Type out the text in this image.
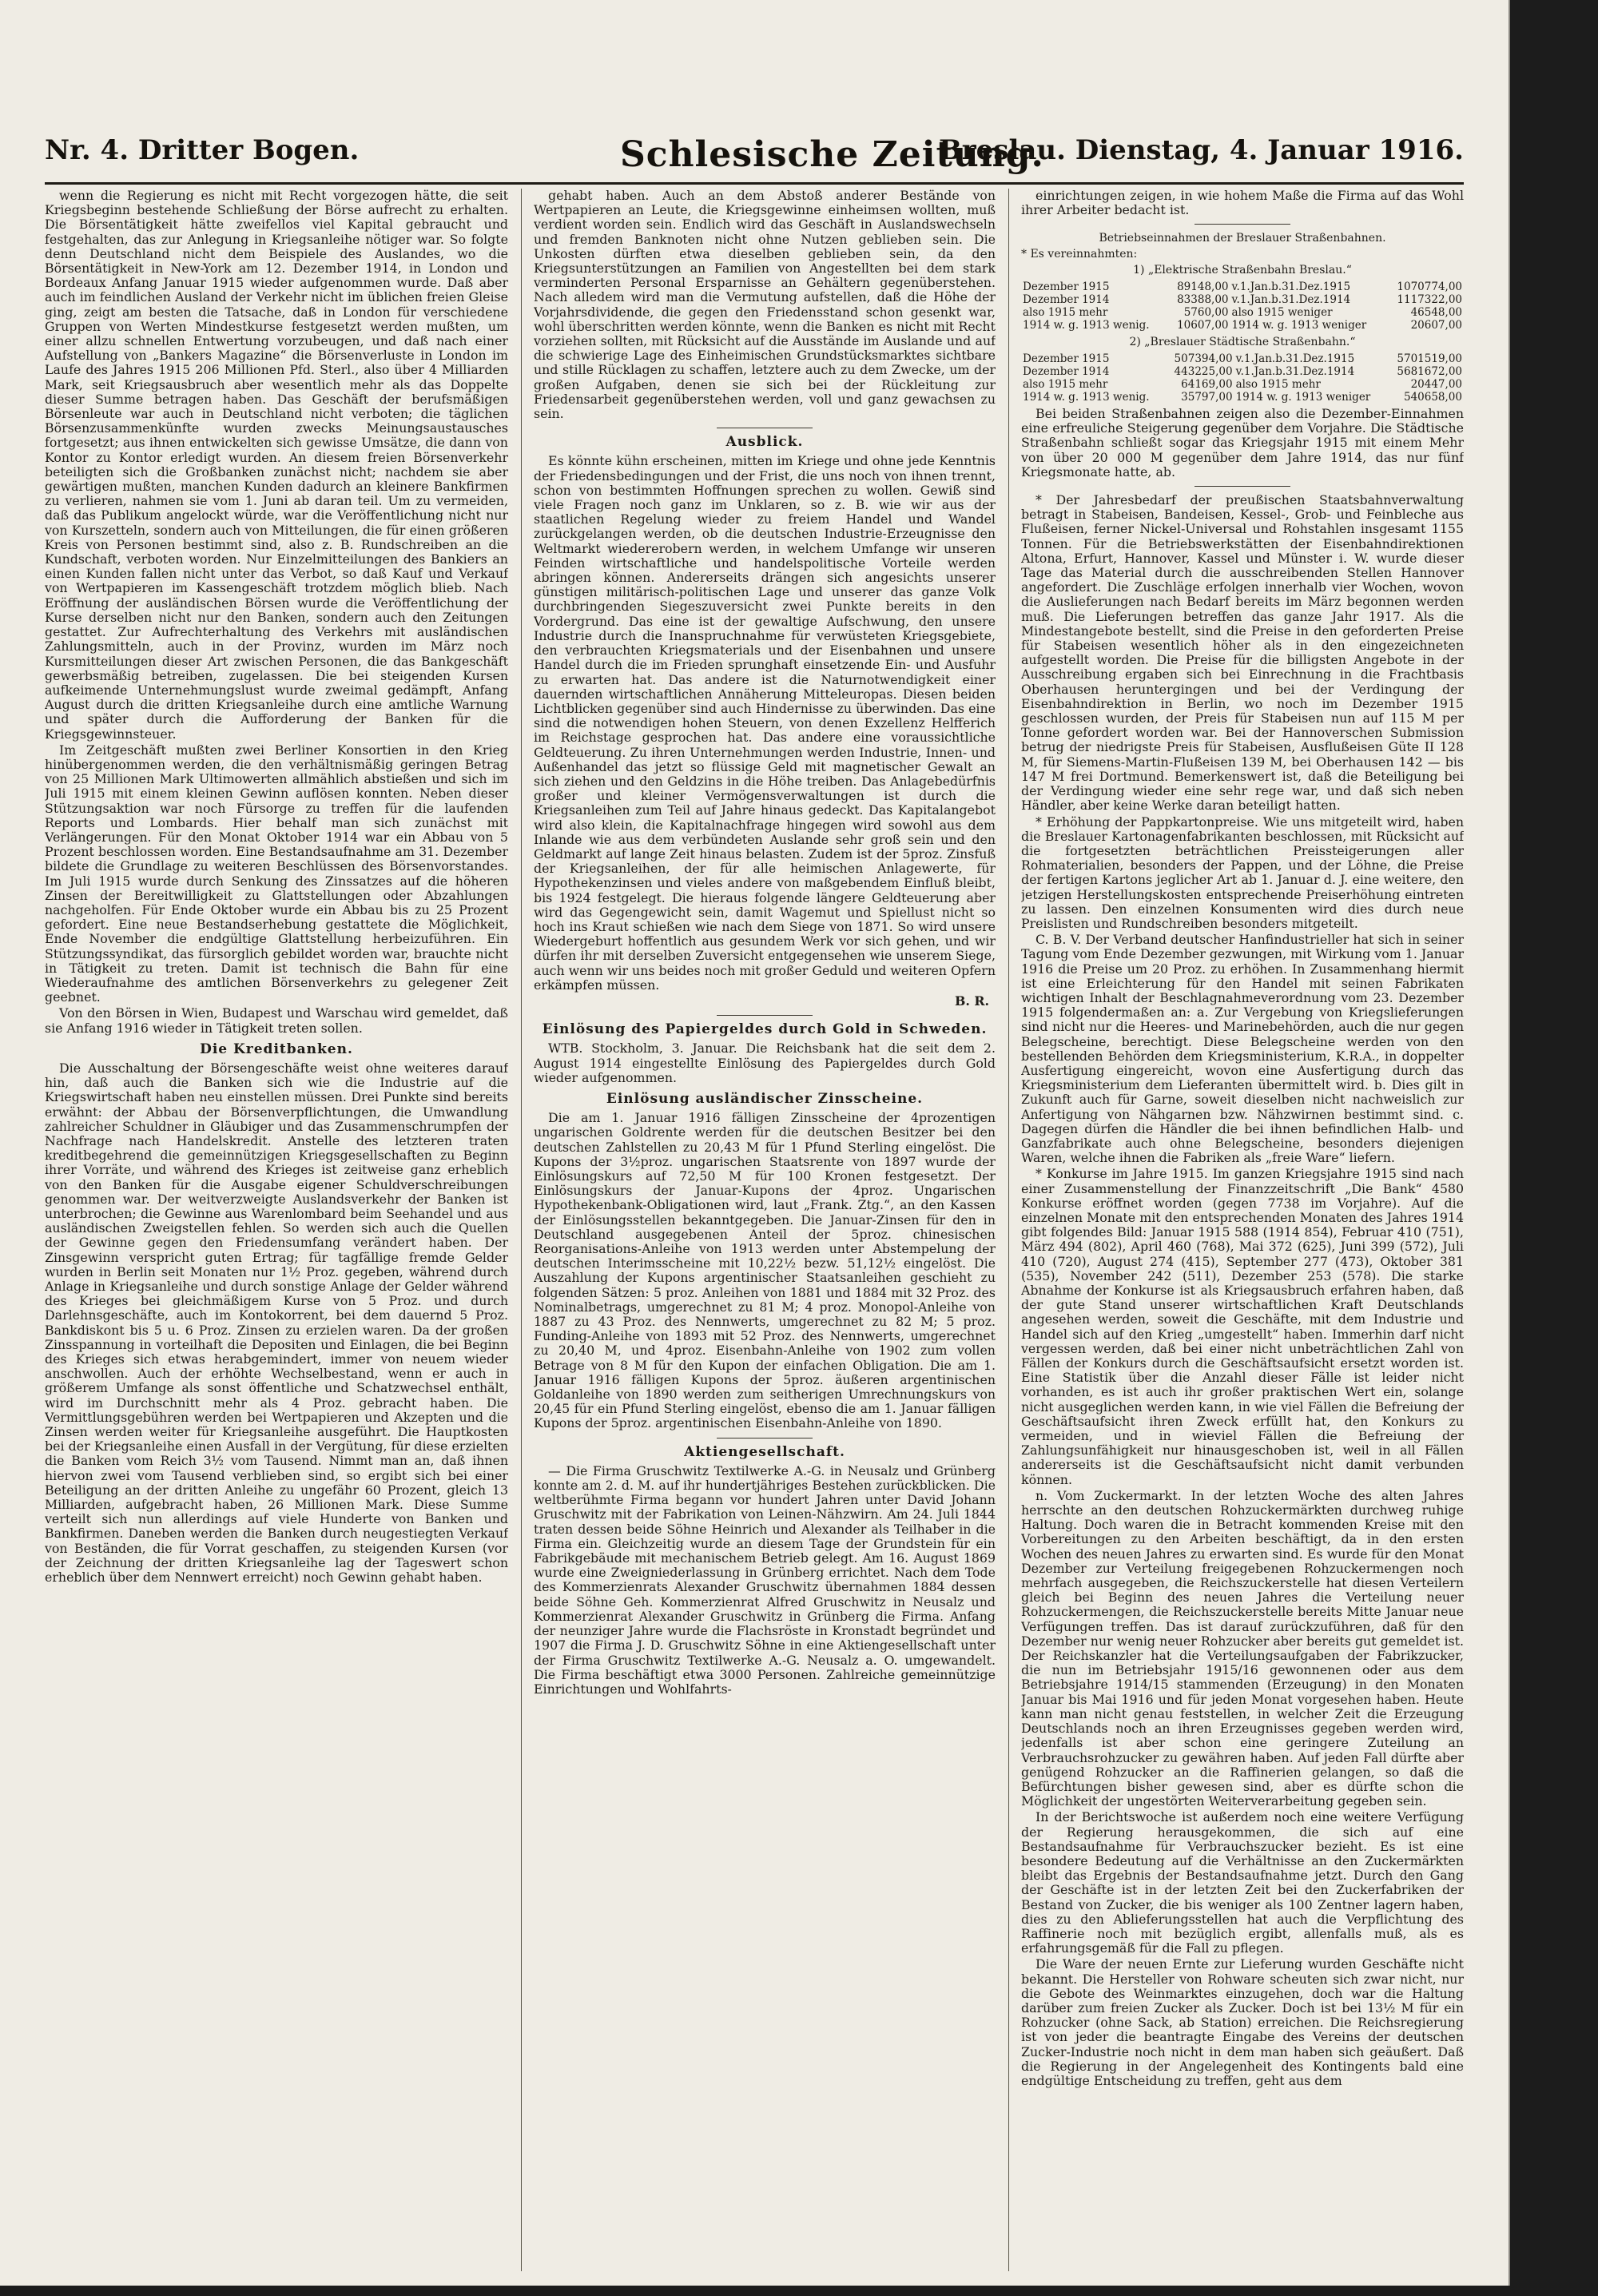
Nr. 4. Dritter Bogen.	Schlesische Zeitung.
Breslau. Dienstag, 4. Januar 1916.

wenn die Regierung es nicht mit Recht vorgezogen hätte, die seit Kriegsbeginn bestehende Schließung der Börse aufrecht zu erhalten. Die Börsentätigkeit hätte zweifellos viel Kapital gebraucht und festgehalten, das zur Anlegung in Kriegsanleihe nötiger war. So folgte denn Deutschland nicht dem Beispiele des Auslandes, wo die Börsentätigkeit in New-York am 12. Dezember 1914, in London und Bordeaux Anfang Januar 1915 wieder aufgenommen wurde. Daß aber auch im feindlichen Ausland der Verkehr nicht im üblichen freien Gleise ging, zeigt am besten die Tatsache, daß in London für verschiedene Gruppen von Werten Mindestkurse festgesetzt werden mußten, um einer allzu schnellen Entwertung vorzubeugen, und daß nach einer Aufstellung von „Bankers Magazine“ die Börsenverluste in London im Laufe des Jahres 1915 206 Millionen Pfd. Sterl., also über 4 Milliarden Mark, seit Kriegsausbruch aber wesentlich mehr als das Doppelte dieser Summe betragen haben. Das Geschäft der berufsmäßigen Börsenleute war auch in Deutschland nicht verboten; die täglichen Börsenzusammenkünfte wurden zwecks Meinungsaustausches fortgesetzt; aus ihnen entwickelten sich gewisse Umsätze, die dann von Kontor zu Kontor erledigt wurden. An diesem freien Börsenverkehr beteiligten sich die Großbanken zunächst nicht; nachdem sie aber gewärtigen mußten, manchen Kunden dadurch an kleinere Bankfirmen zu verlieren, nahmen sie vom 1. Juni ab daran teil. Um zu vermeiden, daß das Publikum angelockt würde, war die Veröffentlichung nicht nur von Kurszetteln, sondern auch von Mitteilungen, die für einen größeren Kreis von Personen bestimmt sind, also z. B. Rundschreiben an die Kundschaft, verboten worden. Nur Einzelmitteilungen des Bankiers an einen Kunden fallen nicht unter das Verbot, so daß Kauf und Verkauf von Wertpapieren im Kassengeschäft trotzdem möglich blieb. Nach Eröffnung der ausländischen Börsen wurde die Veröffentlichung der Kurse derselben nicht nur den Banken, sondern auch den Zeitungen gestattet. Zur Aufrechterhaltung des Verkehrs mit ausländischen Zahlungsmitteln, auch in der Provinz, wurden im März noch Kursmitteilungen dieser Art zwischen Personen, die das Bankgeschäft gewerbsmäßig betreiben, zugelassen. Die bei steigenden Kursen aufkeimende Unternehmungslust wurde zweimal gedämpft, Anfang August durch die dritten Kriegsanleihe durch eine amtliche Warnung und später durch die Aufforderung der Banken für die Kriegsgewinnsteuer.

Im Zeitgeschäft mußten zwei Berliner Konsortien in den Krieg hinübergenommen werden, die den verhältnismäßig geringen Betrag von 25 Millionen Mark Ultimowerten allmählich abstießen und sich im Juli 1915 mit einem kleinen Gewinn auflösen konnten. Neben dieser Stützungsaktion war noch Fürsorge zu treffen für die laufenden Reports und Lombards. Hier behalf man sich zunächst mit Verlängerungen. Für den Monat Oktober 1914 war ein Abbau von 5 Prozent beschlossen worden. Eine Bestandsaufnahme am 31. Dezember bildete die Grundlage zu weiteren Beschlüssen des Börsenvorstandes. Im Juli 1915 wurde durch Senkung des Zinssatzes auf die höheren Zinsen der Bereitwilligkeit zu Glattstellungen oder Abzahlungen nachgeholfen. Für Ende Oktober wurde ein Abbau bis zu 25 Prozent gefordert. Eine neue Bestandserhebung gestattete die Möglichkeit, Ende November die endgültige Glattstellung herbeizuführen. Ein Stützungssyndikat, das fürsorglich gebildet worden war, brauchte nicht in Tätigkeit zu treten. Damit ist technisch die Bahn für eine Wiederaufnahme des amtlichen Börsenverkehrs zu gelegener Zeit geebnet.

Von den Börsen in Wien, Budapest und Warschau wird gemeldet, daß sie Anfang 1916 wieder in Tätigkeit treten sollen.

Die Kreditbanken.

Die Ausschaltung der Börsengeschäfte weist ohne weiteres darauf hin, daß auch die Banken sich wie die Industrie auf die Kriegswirtschaft haben neu einstellen müssen. Drei Punkte sind bereits erwähnt: der Abbau der Börsenverpflichtungen, die Umwandlung zahlreicher Schuldner in Gläubiger und das Zusammenschrumpfen der Nachfrage nach Handelskredit. Anstelle des letzteren traten kreditbegehrend die gemeinnützigen Kriegsgesellschaften zu Beginn ihrer Vorräte, und während des Krieges ist zeitweise ganz erheblich von den Banken für die Ausgabe eigener Schuldverschreibungen genommen war. Der weitverzweigte Auslandsverkehr der Banken ist unterbrochen; die Gewinne aus Warenlombard beim Seehandel und aus ausländischen Zweigstellen fehlen. So werden sich auch die Quellen der Gewinne gegen den Friedensumfang verändert haben. Der Zinsgewinn verspricht guten Ertrag; für tagfällige fremde Gelder wurden in Berlin seit Monaten nur 1½ Proz. gegeben, während durch Anlage in Kriegsanleihe und durch sonstige Anlage der Gelder während des Krieges bei gleichmäßigem Kurse von 5 Proz. und durch Darlehnsgeschäfte, auch im Kontokorrent, bei dem dauernd 5 Proz. Bankdiskont bis 5 u. 6 Proz. Zinsen zu erzielen waren. Da der großen Zinsspannung in vorteilhaft die Depositen und Einlagen, die bei Beginn des Krieges sich etwas herabgemindert, immer von neuem wieder anschwollen. Auch der erhöhte Wechselbestand, wenn er auch in größerem Umfange als sonst öffentliche und Schatzwechsel enthält, wird im Durchschnitt mehr als 4 Proz. gebracht haben. Die Vermittlungsgebühren werden bei Wertpapieren und Akzepten und die Zinsen werden weiter für Kriegsanleihe ausgeführt. Die Hauptkosten bei der Kriegsanleihe einen Ausfall in der Vergütung, für diese erzielten die Banken vom Reich 3½ vom Tausend. Nimmt man an, daß ihnen hiervon zwei vom Tausend verblieben sind, so ergibt sich bei einer Beteiligung an der dritten Anleihe zu ungefähr 60 Prozent, gleich 13 Milliarden, aufgebracht haben, 26 Millionen Mark. Diese Summe verteilt sich nun allerdings auf viele Hunderte von Banken und Bankfirmen. Daneben werden die Banken durch neugestiegten Verkauf von Beständen, die für Vorrat geschaffen, zu steigenden Kursen (vor der Zeichnung der dritten Kriegsanleihe lag der Tageswert schon erheblich über dem Nennwert erreicht) noch Gewinn gehabt haben.

gehabt haben. Auch an dem Abstoß anderer Bestände von Wertpapieren an Leute, die Kriegsgewinne einheimsen wollten, muß verdient worden sein. Endlich wird das Geschäft in Auslandswechseln und fremden Banknoten nicht ohne Nutzen geblieben sein. Die Unkosten dürften etwa dieselben geblieben sein, da den Kriegsunterstützungen an Familien von Angestellten bei dem stark verminderten Personal Ersparnisse an Gehältern gegenüberstehen. Nach alledem wird man die Vermutung aufstellen, daß die Höhe der Vorjahrsdividende, die gegen den Friedensstand schon gesenkt war, wohl überschritten werden könnte, wenn die Banken es nicht mit Recht vorziehen sollten, mit Rücksicht auf die Ausstände im Auslande und auf die schwierige Lage des Einheimischen Grundstücksmarktes sichtbare und stille Rücklagen zu schaffen, letztere auch zu dem Zwecke, um der großen Aufgaben, denen sie sich bei der Rückleitung zur Friedensarbeit gegenüberstehen werden, voll und ganz gewachsen zu sein.

Ausblick.

Es könnte kühn erscheinen, mitten im Kriege und ohne jede Kenntnis der Friedensbedingungen und der Frist, die uns noch von ihnen trennt, schon von bestimmten Hoffnungen sprechen zu wollen. Gewiß sind viele Fragen noch ganz im Unklaren, so z. B. wie wir aus der staatlichen Regelung wieder zu freiem Handel und Wandel zurückgelangen werden, ob die deutschen Industrie-Erzeugnisse den Weltmarkt wiedererobern werden, in welchem Umfange wir unseren Feinden wirtschaftliche und handelspolitische Vorteile werden abringen können. Andererseits drängen sich angesichts unserer günstigen militärisch-politischen Lage und unserer das ganze Volk durchbringenden Siegeszuversicht zwei Punkte bereits in den Vordergrund. Das eine ist der gewaltige Aufschwung, den unsere Industrie durch die Inanspruchnahme für verwüsteten Kriegsgebiete, den verbrauchten Kriegsmaterials und der Eisenbahnen und unsere Handel durch die im Frieden sprunghaft einsetzende Ein- und Ausfuhr zu erwarten hat. Das andere ist die Naturnotwendigkeit einer dauernden wirtschaftlichen Annäherung Mitteleuropas. Diesen beiden Lichtblicken gegenüber sind auch Hindernisse zu überwinden. Das eine sind die notwendigen hohen Steuern, von denen Exzellenz Helfferich im Reichstage gesprochen hat. Das andere eine voraussichtliche Geldteuerung. Zu ihren Unternehmungen werden Industrie, Innen- und Außenhandel das jetzt so flüssige Geld mit magnetischer Gewalt an sich ziehen und den Geldzins in die Höhe treiben. Das Anlagebedürfnis großer und kleiner Vermögensverwaltungen ist durch die Kriegsanleihen zum Teil auf Jahre hinaus gedeckt. Das Kapitalangebot wird also klein, die Kapitalnachfrage hingegen wird sowohl aus dem Inlande wie aus dem verbündeten Auslande sehr groß sein und den Geldmarkt auf lange Zeit hinaus belasten. Zudem ist der 5proz. Zinsfuß der Kriegsanleihen, der für alle heimischen Anlagewerte, für Hypothekenzinsen und vieles andere von maßgebendem Einfluß bleibt, bis 1924 festgelegt. Die hieraus folgende längere Geldteuerung aber wird das Gegengewicht sein, damit Wagemut und Spiellust nicht so hoch ins Kraut schießen wie nach dem Siege von 1871. So wird unsere Wiedergeburt hoffentlich aus gesundem Werk vor sich gehen, und wir dürfen ihr mit derselben Zuversicht entgegensehen wie unserem Siege, auch wenn wir uns beides noch mit großer Geduld und weiteren Opfern erkämpfen müssen.

B. R.
Einlösung des Papiergeldes durch Gold in Schweden.

WTB. Stockholm, 3. Januar. Die Reichsbank hat die seit dem 2. August 1914 eingestellte Einlösung des Papiergeldes durch Gold wieder aufgenommen.

Einlösung ausländischer Zinsscheine.

Die am 1. Januar 1916 fälligen Zinsscheine der 4prozentigen ungarischen Goldrente werden für die deutschen Besitzer bei den deutschen Zahlstellen zu 20,43 M für 1 Pfund Sterling eingelöst. Die Kupons der 3½proz. ungarischen Staatsrente von 1897 wurde der Einlösungskurs auf 72,50 M für 100 Kronen festgesetzt. Der Einlösungskurs der Januar-Kupons der 4proz. Ungarischen Hypothekenbank-Obligationen wird, laut „Frank. Ztg.“, an den Kassen der Einlösungsstellen bekanntgegeben. Die Januar-Zinsen für den in Deutschland ausgegebenen Anteil der 5proz. chinesischen Reorganisations-Anleihe von 1913 werden unter Abstempelung der deutschen Interimsscheine mit 10,22½ bezw. 51,12½ eingelöst. Die Auszahlung der Kupons argentinischer Staatsanleihen geschieht zu folgenden Sätzen: 5 proz. Anleihen von 1881 und 1884 mit 32 Proz. des Nominalbetrags, umgerechnet zu 81 M; 4 proz. Monopol-Anleihe von 1887 zu 43 Proz. des Nennwerts, umgerechnet zu 82 M; 5 proz. Funding-Anleihe von 1893 mit 52 Proz. des Nennwerts, umgerechnet zu 20,40 M, und 4proz. Eisenbahn-Anleihe von 1902 zum vollen Betrage von 8 M für den Kupon der einfachen Obligation. Die am 1. Januar 1916 fälligen Kupons der 5proz. äußeren argentinischen Goldanleihe von 1890 werden zum seitherigen Umrechnungskurs von 20,45 für ein Pfund Sterling eingelöst, ebenso die am 1. Januar fälligen Kupons der 5proz. argentinischen Eisenbahn-Anleihe von 1890.

Aktiengesellschaft.

— Die Firma Gruschwitz Textilwerke A.-G. in Neusalz und Grünberg konnte am 2. d. M. auf ihr hundertjähriges Bestehen zurückblicken. Die weltberühmte Firma begann vor hundert Jahren unter David Johann Gruschwitz mit der Fabrikation von Leinen-Nähzwirn. Am 24. Juli 1844 traten dessen beide Söhne Heinrich und Alexander als Teilhaber in die Firma ein. Gleichzeitig wurde an diesem Tage der Grundstein für ein Fabrikgebäude mit mechanischem Betrieb gelegt. Am 16. August 1869 wurde eine Zweigniederlassung in Grünberg errichtet. Nach dem Tode des Kommerzienrats Alexander Gruschwitz übernahmen 1884 dessen beide Söhne Geh. Kommerzienrat Alfred Gruschwitz in Neusalz und Kommerzienrat Alexander Gruschwitz in Grünberg die Firma. Anfang der neunziger Jahre wurde die Flachsröste in Kronstadt begründet und 1907 die Firma J. D. Gruschwitz Söhne in eine Aktiengesellschaft unter der Firma Gruschwitz Textilwerke A.-G. Neusalz a. O. umgewandelt. Die Firma beschäftigt etwa 3000 Personen. Zahlreiche gemeinnützige Einrichtungen und Wohlfahrts-

einrichtungen zeigen, in wie hohem Maße die Firma auf das Wohl ihrer Arbeiter bedacht ist.

Betriebseinnahmen der Breslauer Straßenbahnen.
* Es vereinnahmten:
1) „Elektrische Straßenbahn Breslau.“
Dezember 1915	89148,00	v.1.Jan.b.31.Dez.1915	1070774,00
Dezember 1914	83388,00	v.1.Jan.b.31.Dez.1914	1117322,00
also 1915 mehr	5760,00	also 1915 weniger	46548,00
1914 w. g. 1913 wenig.	10607,00	1914 w. g. 1913 weniger	20607,00
2) „Breslauer Städtische Straßenbahn.“
Dezember 1915	507394,00	v.1.Jan.b.31.Dez.1915	5701519,00
Dezember 1914	443225,00	v.1.Jan.b.31.Dez.1914	5681672,00
also 1915 mehr	64169,00	also 1915 mehr	20447,00
1914 w. g. 1913 wenig.	35797,00	1914 w. g. 1913 weniger	540658,00

Bei beiden Straßenbahnen zeigen also die Dezember-Einnahmen eine erfreuliche Steigerung gegenüber dem Vorjahre. Die Städtische Straßenbahn schließt sogar das Kriegsjahr 1915 mit einem Mehr von über 20 000 M gegenüber dem Jahre 1914, das nur fünf Kriegsmonate hatte, ab.

* Der Jahresbedarf der preußischen Staatsbahnverwaltung betragt in Stabeisen, Bandeisen, Kessel-, Grob- und Feinbleche aus Flußeisen, ferner Nickel-Universal und Rohstahlen insgesamt 1155 Tonnen. Für die Betriebswerkstätten der Eisenbahndirektionen Altona, Erfurt, Hannover, Kassel und Münster i. W. wurde dieser Tage das Material durch die ausschreibenden Stellen Hannover angefordert. Die Zuschläge erfolgen innerhalb vier Wochen, wovon die Auslieferungen nach Bedarf bereits im März begonnen werden muß. Die Lieferungen betreffen das ganze Jahr 1917. Als die Mindestangebote bestellt, sind die Preise in den geforderten Preise für Stabeisen wesentlich höher als in den eingezeichneten aufgestellt worden. Die Preise für die billigsten Angebote in der Ausschreibung ergaben sich bei Einrechnung in die Frachtbasis Oberhausen heruntergingen und bei der Verdingung der Eisenbahndirektion in Berlin, wo noch im Dezember 1915 geschlossen wurden, der Preis für Stabeisen nun auf 115 M per Tonne gefordert worden war. Bei der Hannoverschen Submission betrug der niedrigste Preis für Stabeisen, Ausflußeisen Güte II 128 M, für Siemens-Martin-Flußeisen 139 M, bei Oberhausen 142 — bis 147 M frei Dortmund. Bemerkenswert ist, daß die Beteiligung bei der Verdingung wieder eine sehr rege war, und daß sich neben Händler, aber keine Werke daran beteiligt hatten.

* Erhöhung der Pappkartonpreise. Wie uns mitgeteilt wird, haben die Breslauer Kartonagenfabrikanten beschlossen, mit Rücksicht auf die fortgesetzten beträchtlichen Preissteigerungen aller Rohmaterialien, besonders der Pappen, und der Löhne, die Preise der fertigen Kartons jeglicher Art ab 1. Januar d. J. eine weitere, den jetzigen Herstellungskosten entsprechende Preiserhöhung eintreten zu lassen. Den einzelnen Konsumenten wird dies durch neue Preislisten und Rundschreiben besonders mitgeteilt.

C. B. V. Der Verband deutscher Hanfindustrieller hat sich in seiner Tagung vom Ende Dezember gezwungen, mit Wirkung vom 1. Januar 1916 die Preise um 20 Proz. zu erhöhen. In Zusammenhang hiermit ist eine Erleichterung für den Handel mit seinen Fabrikaten wichtigen Inhalt der Beschlagnahmeverordnung vom 23. Dezember 1915 folgendermaßen an: a. Zur Vergebung von Kriegslieferungen sind nicht nur die Heeres- und Marinebehörden, auch die nur gegen Belegscheine, berechtigt. Diese Belegscheine werden von den bestellenden Behörden dem Kriegsministerium, K.R.A., in doppelter Ausfertigung eingereicht, wovon eine Ausfertigung durch das Kriegsministerium dem Lieferanten übermittelt wird. b. Dies gilt in Zukunft auch für Garne, soweit dieselben nicht nachweislich zur Anfertigung von Nähgarnen bzw. Nähzwirnen bestimmt sind. c. Dagegen dürfen die Händler die bei ihnen befindlichen Halb- und Ganzfabrikate auch ohne Belegscheine, besonders diejenigen Waren, welche ihnen die Fabriken als „freie Ware“ liefern.

* Konkurse im Jahre 1915. Im ganzen Kriegsjahre 1915 sind nach einer Zusammenstellung der Finanzzeitschrift „Die Bank“ 4580 Konkurse eröffnet worden (gegen 7738 im Vorjahre). Auf die einzelnen Monate mit den entsprechenden Monaten des Jahres 1914 gibt folgendes Bild: Januar 1915 588 (1914 854), Februar 410 (751), März 494 (802), April 460 (768), Mai 372 (625), Juni 399 (572), Juli 410 (720), August 274 (415), September 277 (473), Oktober 381 (535), November 242 (511), Dezember 253 (578). Die starke Abnahme der Konkurse ist als Kriegsausbruch erfahren haben, daß der gute Stand unserer wirtschaftlichen Kraft Deutschlands angesehen werden, soweit die Geschäfte, mit dem Industrie und Handel sich auf den Krieg „umgestellt“ haben. Immerhin darf nicht vergessen werden, daß bei einer nicht unbeträchtlichen Zahl von Fällen der Konkurs durch die Geschäftsaufsicht ersetzt worden ist. Eine Statistik über die Anzahl dieser Fälle ist leider nicht vorhanden, es ist auch ihr großer praktischen Wert ein, solange nicht ausgeglichen werden kann, in wie viel Fällen die Befreiung der Geschäftsaufsicht ihren Zweck erfüllt hat, den Konkurs zu vermeiden, und in wieviel Fällen die Befreiung der Zahlungsunfähigkeit nur hinausgeschoben ist, weil in all Fällen andererseits ist die Geschäftsaufsicht nicht damit verbunden können.

n. Vom Zuckermarkt. In der letzten Woche des alten Jahres herrschte an den deutschen Rohzuckermärkten durchweg ruhige Haltung. Doch waren die in Betracht kommenden Kreise mit den Vorbereitungen zu den Arbeiten beschäftigt, da in den ersten Wochen des neuen Jahres zu erwarten sind. Es wurde für den Monat Dezember zur Verteilung freigegebenen Rohzuckermengen noch mehrfach ausgegeben, die Reichszuckerstelle hat diesen Verteilern gleich bei Beginn des neuen Jahres die Verteilung neuer Rohzuckermengen, die Reichszuckerstelle bereits Mitte Januar neue Verfügungen treffen. Das ist darauf zurückzuführen, daß für den Dezember nur wenig neuer Rohzucker aber bereits gut gemeldet ist. Der Reichskanzler hat die Verteilungsaufgaben der Fabrikzucker, die nun im Betriebsjahr 1915/16 gewonnenen oder aus dem Betriebsjahre 1914/15 stammenden (Erzeugung) in den Monaten Januar bis Mai 1916 und für jeden Monat vorgesehen haben. Heute kann man nicht genau feststellen, in welcher Zeit die Erzeugung Deutschlands noch an ihren Erzeugnisses gegeben werden wird, jedenfalls ist aber schon eine geringere Zuteilung an Verbrauchsrohzucker zu gewähren haben. Auf jeden Fall dürfte aber genügend Rohzucker an die Raffinerien gelangen, so daß die Befürchtungen bisher gewesen sind, aber es dürfte schon die Möglichkeit der ungestörten Weiterverarbeitung gegeben sein.

In der Berichtswoche ist außerdem noch eine weitere Verfügung der Regierung herausgekommen, die sich auf eine Bestandsaufnahme für Verbrauchszucker bezieht. Es ist eine besondere Bedeutung auf die Verhältnisse an den Zuckermärkten bleibt das Ergebnis der Bestandsaufnahme jetzt. Durch den Gang der Geschäfte ist in der letzten Zeit bei den Zuckerfabriken der Bestand von Zucker, die bis weniger als 100 Zentner lagern haben, dies zu den Ablieferungsstellen hat auch die Verpflichtung des Raffinerie noch mit bezüglich ergibt, allenfalls muß, als es erfahrungsgemäß für die Fall zu pflegen.

Die Ware der neuen Ernte zur Lieferung wurden Geschäfte nicht bekannt. Die Hersteller von Rohware scheuten sich zwar nicht, nur die Gebote des Weinmarktes einzugehen, doch war die Haltung darüber zum freien Zucker als Zucker. Doch ist bei 13½ M für ein Rohzucker (ohne Sack, ab Station) erreichen. Die Reichsregierung ist von jeder die beantragte Eingabe des Vereins der deutschen Zucker-Industrie noch nicht in dem man haben sich geäußert. Daß die Regierung in der Angelegenheit des Kontingents bald eine endgültige Entscheidung zu treffen, geht aus dem
